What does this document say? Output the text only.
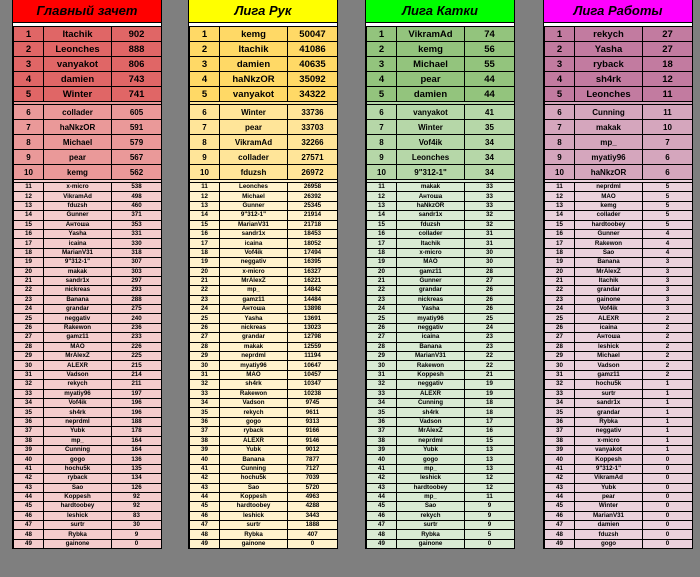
Главный зачет
1	Itachik	902
2	Leonches	888
3	vanyakot	806
4	damien	743
5	Winter	741

6	collader	605
7	haNkzOR	591
8	Michael	579
9	pear	567
10	kemg	562

11	x-micro	538
12	VikramAd	498
13	fduzsh	460
14	Gunner	371
15	Антоша	353
16	Yasha	331
17	icaina	330
18	MarianV31	318
19	9"312-1"	307
20	makak	303
21	sandr1x	297
22	nickreas	293
23	Banana	288
24	grandar	275
25	neggativ	240
26	Rakewon	236
27	gamz11	233
28	MAO	226
29	MrAlexZ	225
30	ALEXR	215
31	Vadson	214
32	rekych	211
33	myatiy96	197
34	Vof4ik	196
35	sh4rk	196
36	neprdml	188
37	Yubk	178
38	mp_	164
39	Cunning	164
40	gogo	136
41	hochu5k	135
42	ryback	134
43	Sao	126
44	Koppesh	92
45	hardtoobey	92
46	leshick	83
47	surtr	30
48	Rybka	9
49	gainone	0
Лига Рук
1	kemg	50047
2	Itachik	41086
3	damien	40635
4	haNkzOR	35092
5	vanyakot	34322

6	Winter	33736
7	pear	33703
8	VikramAd	32266
9	collader	27571
10	fduzsh	26972

11	Leonches	26958
12	Michael	26392
13	Gunner	25345
14	9"312-1"	21914
15	MarianV31	21718
16	sandr1x	18453
17	icaina	18052
18	Vof4ik	17494
19	neggativ	16395
20	x-micro	16327
21	MrAlexZ	16221
22	mp_	14842
23	gamz11	14484
24	Антоша	13898
25	Yasha	13691
26	nickreas	13023
27	grandar	12798
28	makak	12559
29	neprdml	11194
30	myatiy96	10647
31	MAO	10457
32	sh4rk	10347
33	Rakewon	10238
34	Vadson	9745
35	rekych	9611
36	gogo	9313
37	ryback	9166
38	ALEXR	9146
39	Yubk	9012
40	Banana	7877
41	Cunning	7127
42	hochu5k	7039
43	Sao	5720
44	Koppesh	4963
45	hardtoobey	4288
46	leshick	3443
47	surtr	1888
48	Rybka	407
49	gainone	0
Лига Катки
1	VikramAd	74
2	kemg	56
3	Michael	55
4	pear	44
5	damien	44

6	vanyakot	41
7	Winter	35
8	Vof4ik	34
9	Leonches	34
10	9"312-1"	34

11	makak	33
12	Антоша	33
13	haNkzOR	33
14	sandr1x	32
15	fduzsh	32
16	collader	31
17	Itachik	31
18	x-micro	30
19	MAO	30
20	gamz11	28
21	Gunner	27
22	grandar	26
23	nickreas	26
24	Yasha	26
25	myatiy96	25
26	neggativ	24
27	icaina	23
28	Banana	23
29	MarianV31	22
30	Rakewon	22
31	Koppesh	21
32	neggativ	19
33	ALEXR	19
34	Cunning	18
35	sh4rk	18
36	Vadson	17
37	MrAlexZ	16
38	neprdml	15
39	Yubk	13
40	gogo	13
41	mp_	13
42	leshick	12
43	hardtoobey	12
44	mp_	11
45	Sao	9
46	rekych	9
47	surtr	9
48	Rybka	5
49	gainone	0
Лига Работы
1	rekych	27
2	Yasha	27
3	ryback	18
4	sh4rk	12
5	Leonches	11

6	Cunning	11
7	makak	10
8	mp_	7
9	myatiy96	6
10	haNkzOR	6

11	neprdml	5
12	MAO	5
13	kemg	5
14	collader	5
15	hardtoobey	5
16	Gunner	4
17	Rakewon	4
18	Sao	4
19	Banana	3
20	MrAlexZ	3
21	Itachik	3
22	grandar	3
23	gainone	3
24	Vof4ik	3
25	ALEXR	2
26	icaina	2
27	Антоша	2
28	leshick	2
29	Michael	2
30	Vadson	2
31	gamz11	2
32	hochu5k	1
33	surtr	1
34	sandr1x	1
35	grandar	1
36	Rybka	1
37	neggativ	1
38	x-micro	1
39	vanyakot	1
40	Koppesh	0
41	9"312-1"	0
42	VikramAd	0
43	Yubk	0
44	pear	0
45	Winter	0
46	MarianV31	0
47	damien	0
48	fduzsh	0
49	gogo	0
